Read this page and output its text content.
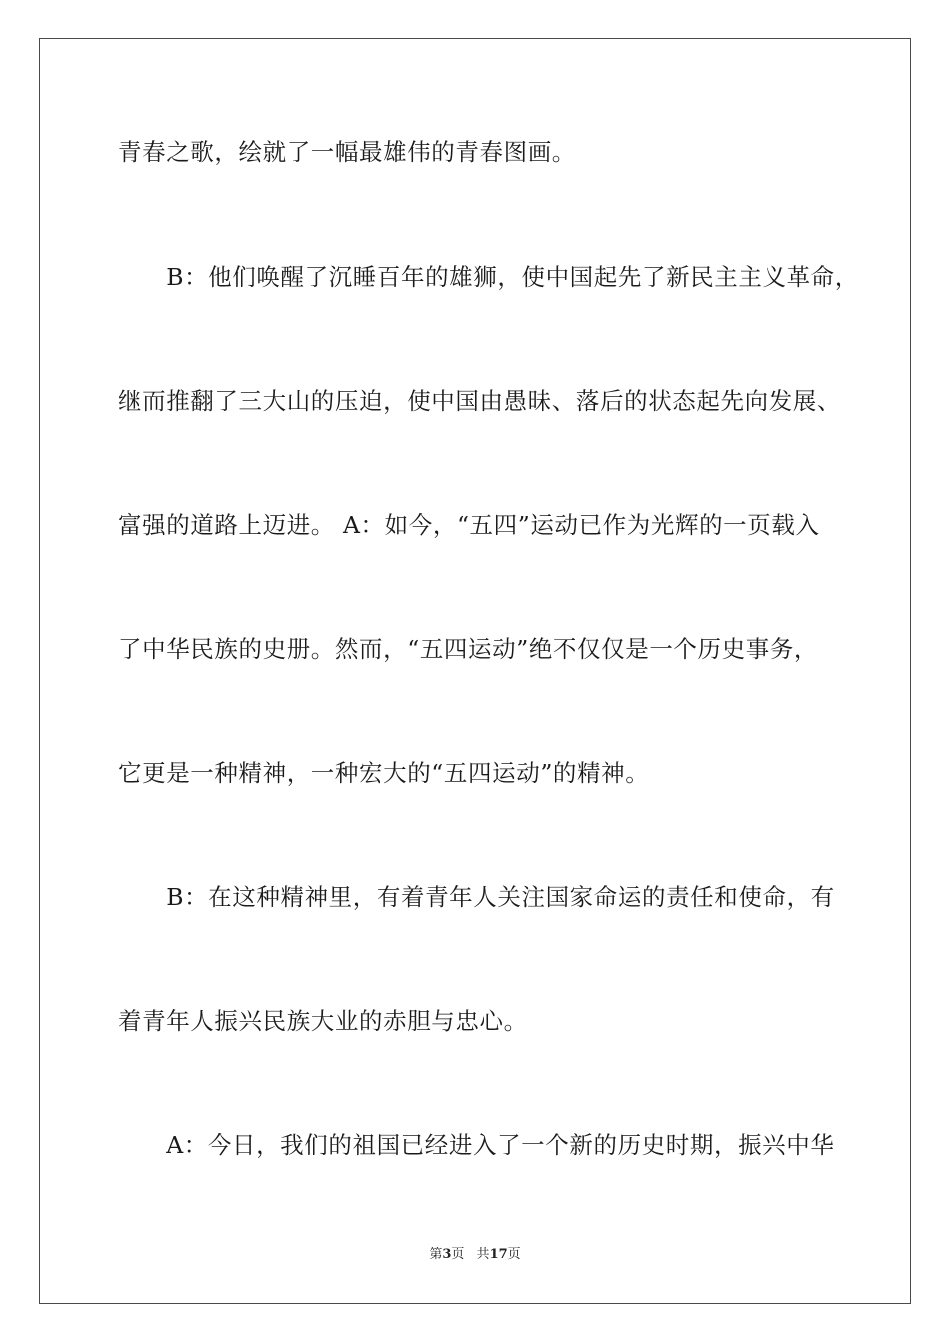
青春之歌，绘就了一幅最雄伟的青春图画。
　　B：他们唤醒了沉睡百年的雄狮，使中国起先了新民主主义革命，
继而推翻了三大山的压迫，使中国由愚昧、落后的状态起先向发展、
富强的道路上迈进。 A：如今，“五四”运动已作为光辉的一页载入
了中华民族的史册。然而，“五四运动”绝不仅仅是一个历史事务，
它更是一种精神，一种宏大的“五四运动”的精神。
　　B：在这种精神里，有着青年人关注国家命运的责任和使命，有
着青年人振兴民族大业的赤胆与忠心。
　　A：今日，我们的祖国已经进入了一个新的历史时期，振兴中华
第3页 共17页
